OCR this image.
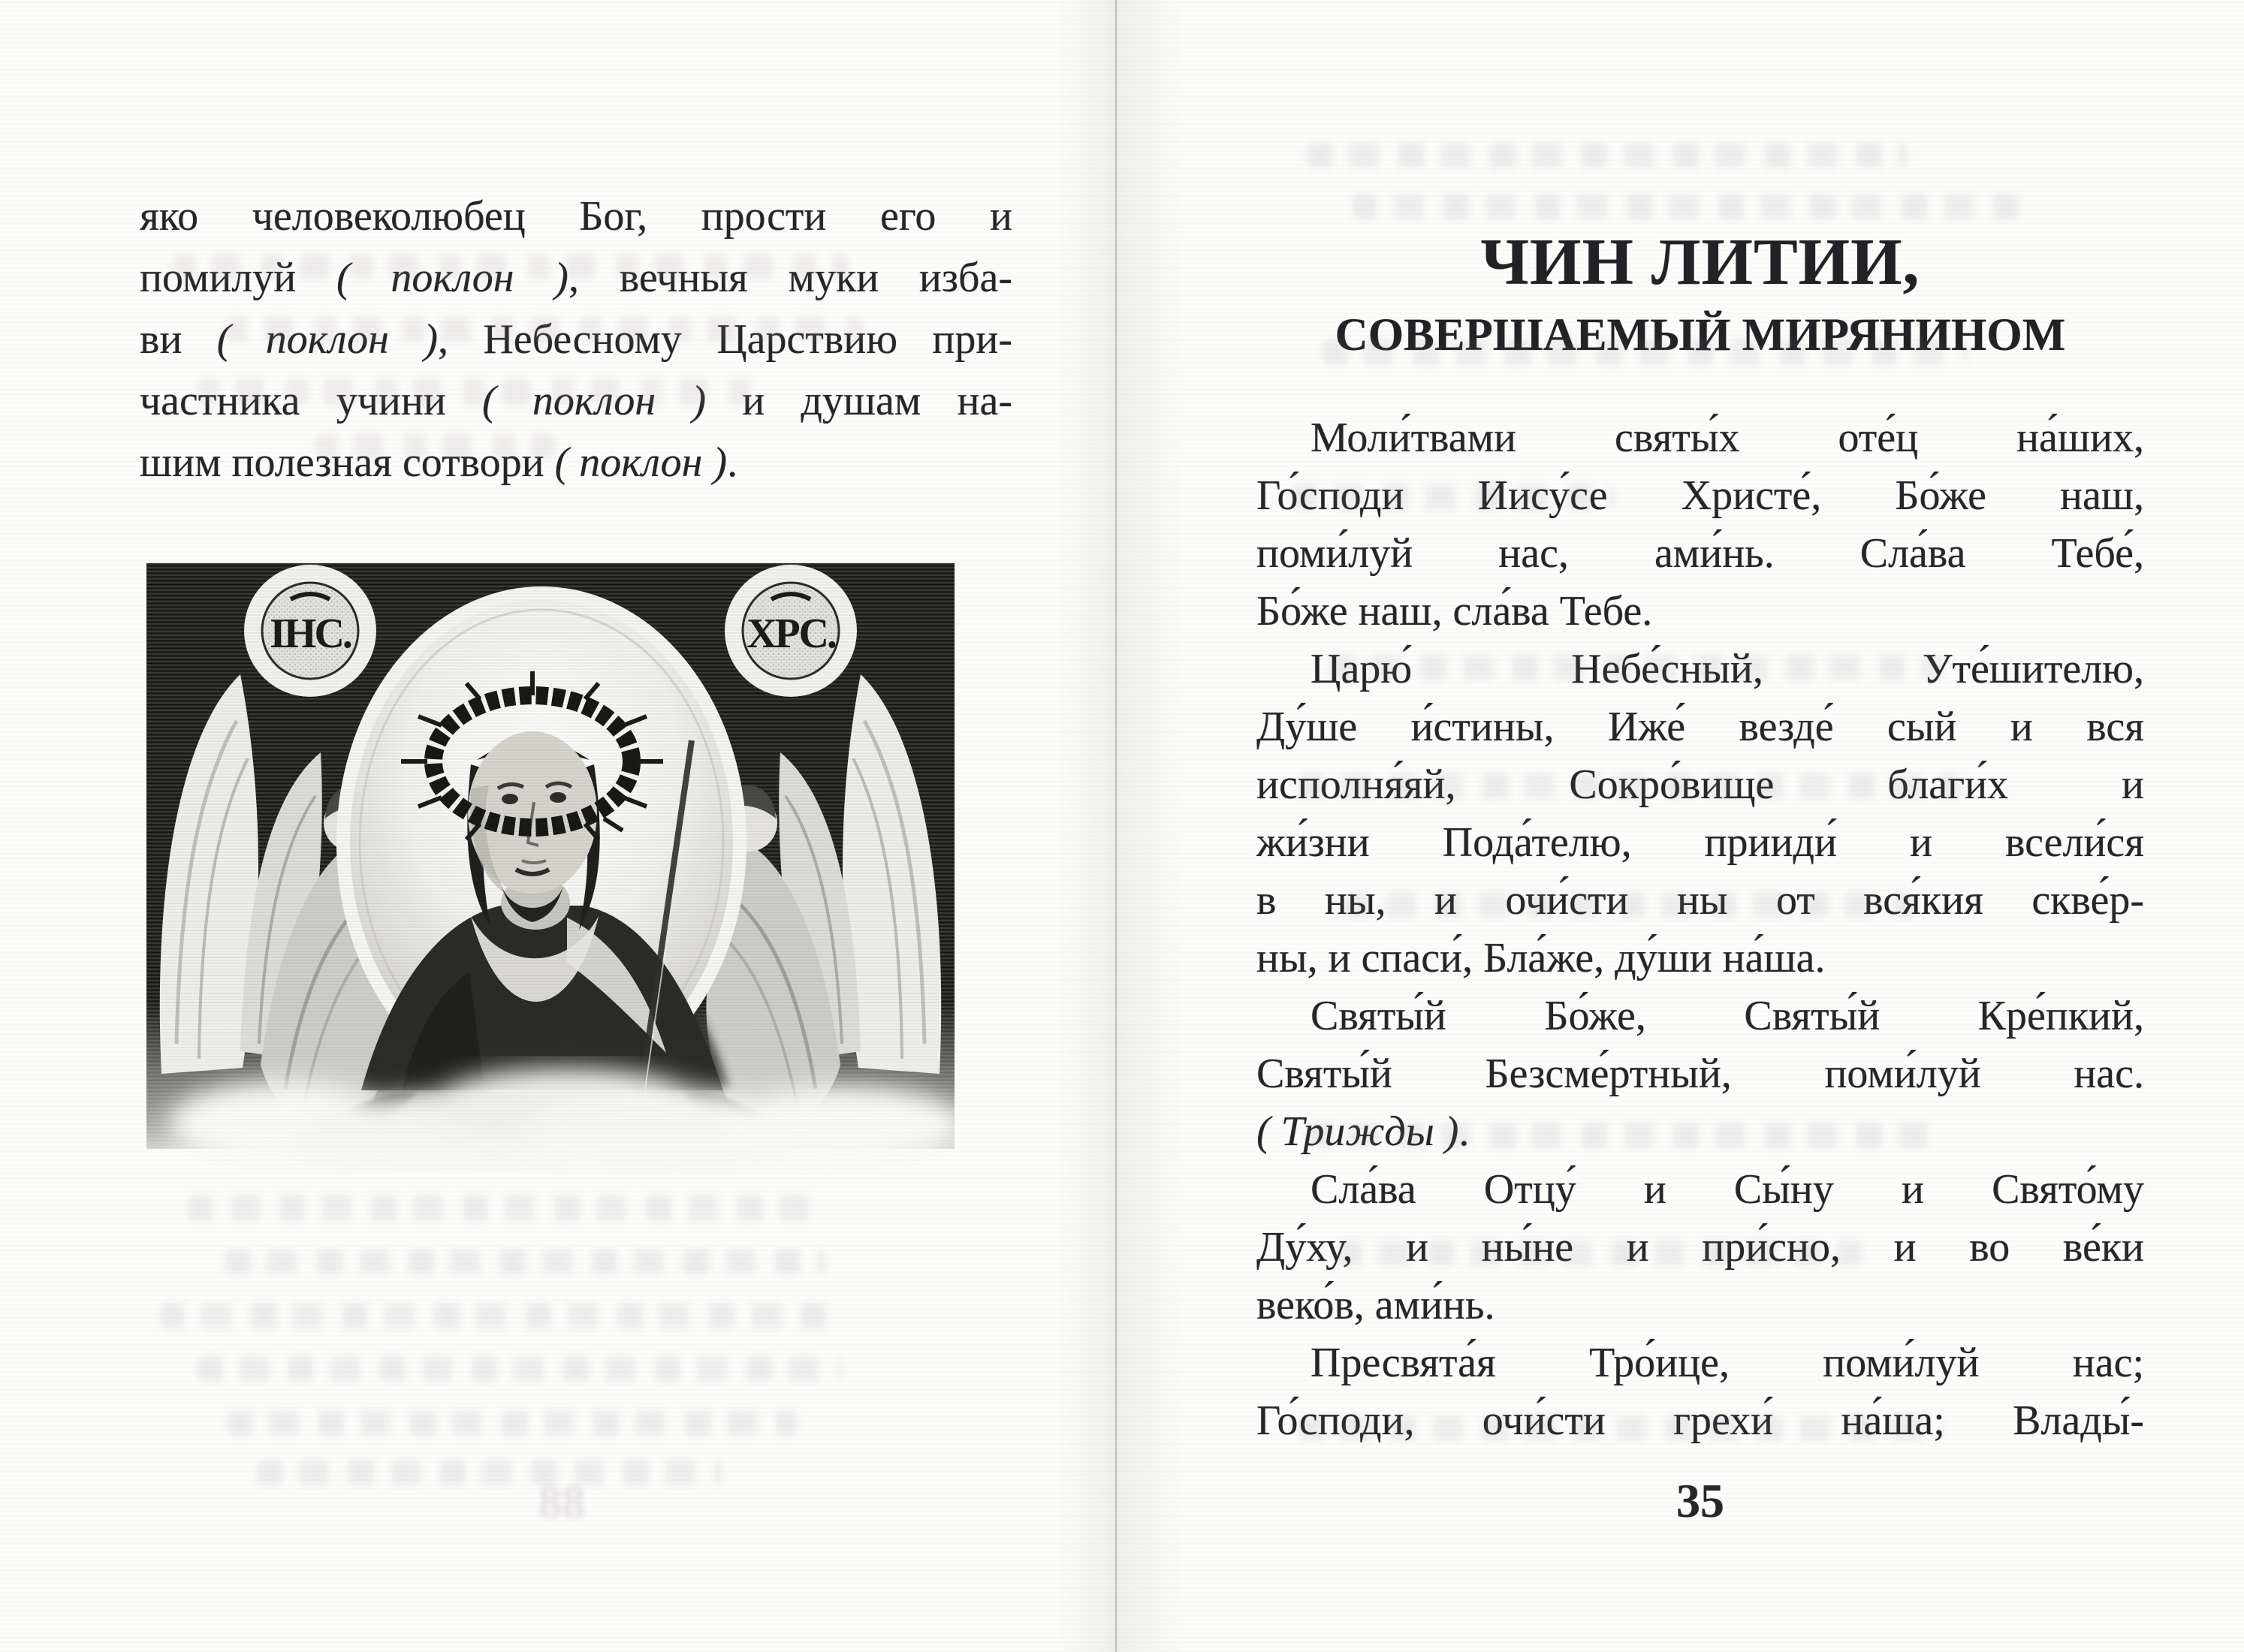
яко человеколюбец Бог, прости его и
помилуй ( поклон ), вечныя муки изба-
ви ( поклон ), Небесному Царствию при-
частника учини ( поклон ) и душам на-
шим полезная сотвори ( поклон ).
ІНС.	ХРС.
88
ЧИН ЛИТИИ,
СОВЕРШАЕМЫЙ МИРЯНИНОМ
Моли́твами святы́х оте́ц на́ших,
Го́споди Иису́се Христе́, Бо́же наш,
поми́луй нас, ами́нь. Сла́ва Тебе́,
Бо́же наш, сла́ва Тебе.
Царю́ Небе́сный, Уте́шителю,
Ду́ше и́стины, Иже́ везде́ сый и вся
исполня́яй, Сокро́вище благи́х и
жи́зни Пода́телю, прииди́ и всели́ся
в ны, и очи́сти ны от вся́кия скве́р-
ны, и спаси́, Бла́же, ду́ши на́ша.
Святы́й Бо́же, Святы́й Кре́пкий,
Святы́й Безсме́ртный, поми́луй нас.
( Трижды ).
Сла́ва Отцу́ и Сы́ну и Свято́му
Ду́ху, и ны́не и при́сно, и во ве́ки
веко́в, ами́нь.
Пресвята́я Тро́ице, поми́луй нас;
Го́споди, очи́сти грехи́ на́ша; Влады́-
35
